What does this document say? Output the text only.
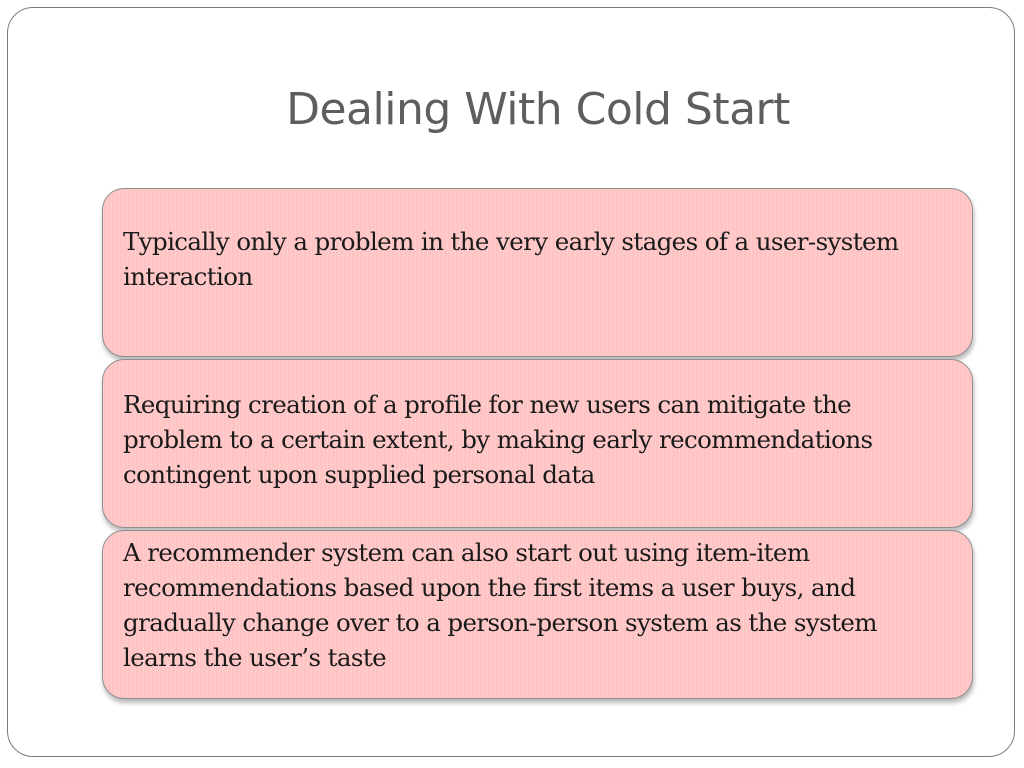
Dealing With Cold Start
Typically only a problem in the very early stages of a user-system interaction
Requiring creation of a profile for new users can mitigate the problem to a certain extent, by making early recommendations contingent upon supplied personal data
A recommender system can also start out using item-item recommendations based upon the first items a user buys, and gradually change over to a person-person system as the system learns the user’s taste
